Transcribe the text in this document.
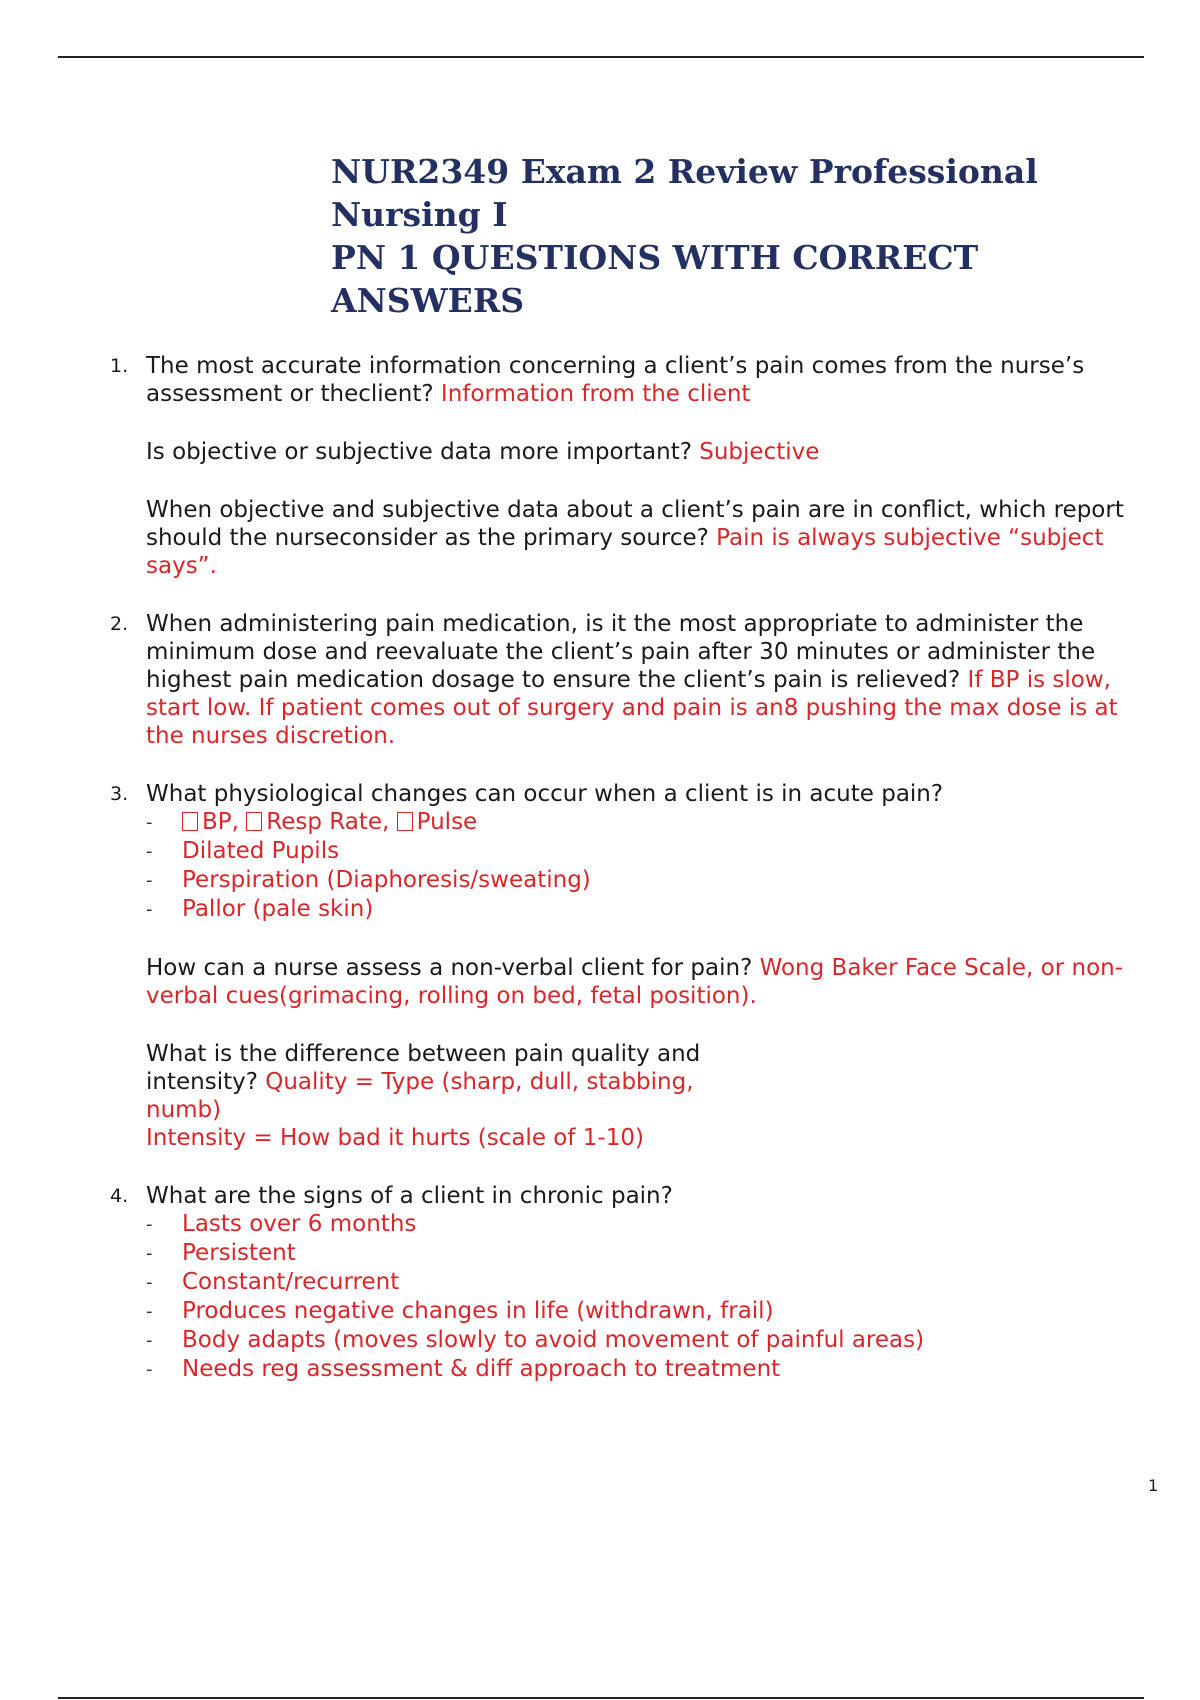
NUR2349 Exam 2 Review Professional Nursing I
PN 1 QUESTIONS WITH CORRECT
ANSWERS
1. The most accurate information concerning a client’s pain comes from the nurse’s assessment or theclient? Information from the client

Is objective or subjective data more important? Subjective

When objective and subjective data about a client’s pain are in conflict, which report should the nurseconsider as the primary source? Pain is always subjective “subject says”.

2. When administering pain medication, is it the most appropriate to administer the minimum dose and reevaluate the client’s pain after 30 minutes or administer the highest pain medication dosage to ensure the client’s pain is relieved? If BP is slow, start low. If patient comes out of surgery and pain is an8 pushing the max dose is at the nurses discretion.

3. What physiological changes can occur when a client is in acute pain?

- BP, Resp Rate, Pulse
- Dilated Pupils
- Perspiration (Diaphoresis/sweating)
- Pallor (pale skin)

How can a nurse assess a non-verbal client for pain? Wong Baker Face Scale, or non-verbal cues(grimacing, rolling on bed, fetal position).

What is the difference between pain quality and intensity? Quality = Type (sharp, dull, stabbing, numb)

Intensity = How bad it hurts (scale of 1-10)

4. What are the signs of a client in chronic pain?

- Lasts over 6 months
- Persistent
- Constant/recurrent
- Produces negative changes in life (withdrawn, frail)
- Body adapts (moves slowly to avoid movement of painful areas)
- Needs reg assessment & diff approach to treatment
1
